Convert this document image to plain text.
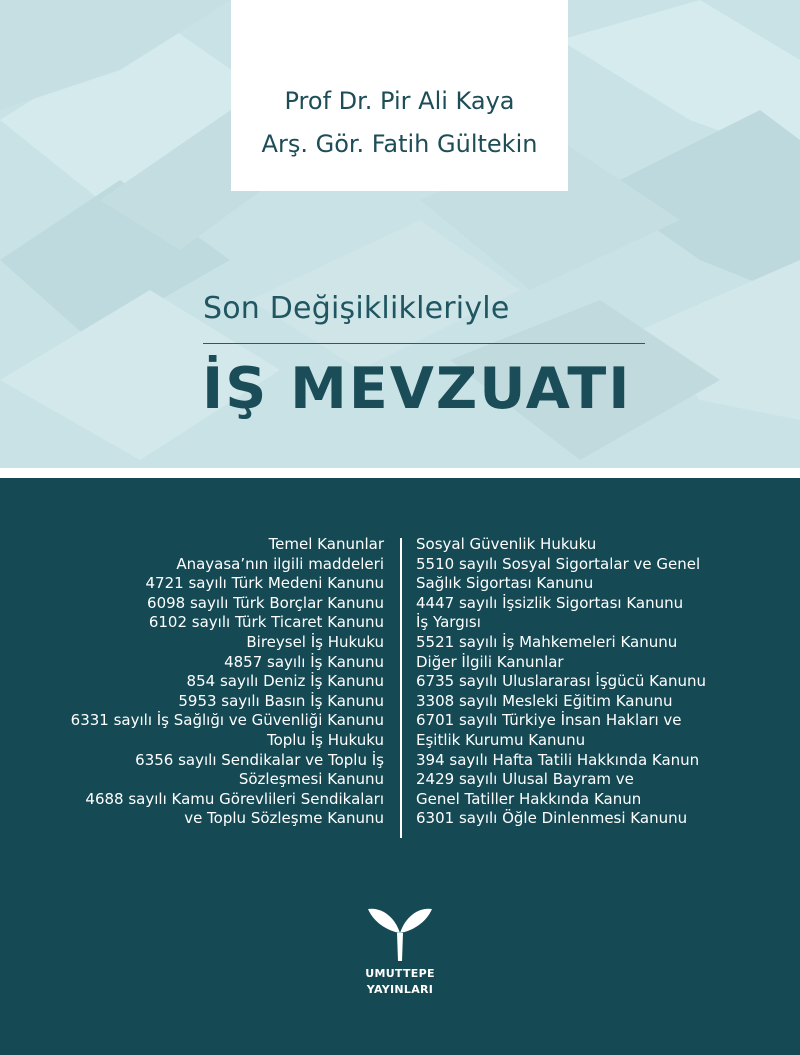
Prof Dr. Pir Ali Kaya
Arş. Gör. Fatih Gültekin
Son Değişiklikleriyle
İŞ MEVZUATI
Temel Kanunlar
Anayasa’nın ilgili maddeleri
4721 sayılı Türk Medeni Kanunu
6098 sayılı Türk Borçlar Kanunu
6102 sayılı Türk Ticaret Kanunu
Bireysel İş Hukuku
4857 sayılı İş Kanunu
854 sayılı Deniz İş Kanunu
5953 sayılı Basın İş Kanunu
6331 sayılı İş Sağlığı ve Güvenliği Kanunu
Toplu İş Hukuku
6356 sayılı Sendikalar ve Toplu İş
Sözleşmesi Kanunu
4688 sayılı Kamu Görevlileri Sendikaları
ve Toplu Sözleşme Kanunu
Sosyal Güvenlik Hukuku
5510 sayılı Sosyal Sigortalar ve Genel
Sağlık Sigortası Kanunu
4447 sayılı İşsizlik Sigortası Kanunu
İş Yargısı
5521 sayılı İş Mahkemeleri Kanunu
Diğer İlgili Kanunlar
6735 sayılı Uluslararası İşgücü Kanunu
3308 sayılı Mesleki Eğitim Kanunu
6701 sayılı Türkiye İnsan Hakları ve
Eşitlik Kurumu Kanunu
394 sayılı Hafta Tatili Hakkında Kanun
2429 sayılı Ulusal Bayram ve
Genel Tatiller Hakkında Kanun
6301 sayılı Öğle Dinlenmesi Kanunu
UMUTTEPE
YAYINLARI
